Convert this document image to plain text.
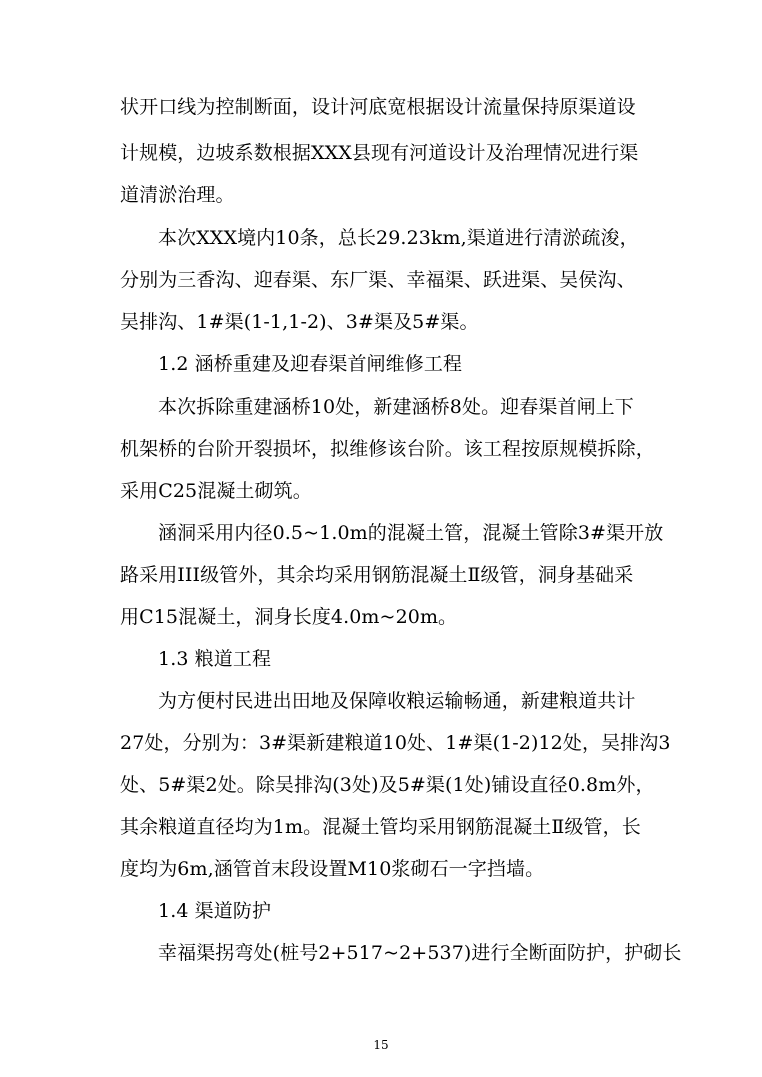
状开口线为控制断面，设计河底宽根据设计流量保持原渠道设
计规模，边坡系数根据XXX县现有河道设计及治理情况进行渠
道清淤治理。
本次XXX境内10条，总长29.23km,渠道进行清淤疏浚，
分别为三香沟、迎春渠、东厂渠、幸福渠、跃进渠、吴侯沟、
吴排沟、1#渠(1-1,1-2)、3#渠及5#渠。
1.2 涵桥重建及迎春渠首闸维修工程
本次拆除重建涵桥10处，新建涵桥8处。迎春渠首闸上下
机架桥的台阶开裂损坏，拟维修该台阶。该工程按原规模拆除，
采用C25混凝土砌筑。
涵洞采用内径0.5~1.0m的混凝土管，混凝土管除3#渠开放
路采用III级管外，其余均采用钢筋混凝土Ⅱ级管，洞身基础采
用C15混凝土，洞身长度4.0m~20m。
1.3 粮道工程
为方便村民进出田地及保障收粮运输畅通，新建粮道共计
27处，分别为：3#渠新建粮道10处、1#渠(1-2)12处，吴排沟3
处、5#渠2处。除吴排沟(3处)及5#渠(1处)铺设直径0.8m外，
其余粮道直径均为1m。混凝土管均采用钢筋混凝土Ⅱ级管，长
度均为6m,涵管首末段设置M10浆砌石一字挡墙。
1.4 渠道防护
幸福渠拐弯处(桩号2+517~2+537)进行全断面防护，护砌长
15
